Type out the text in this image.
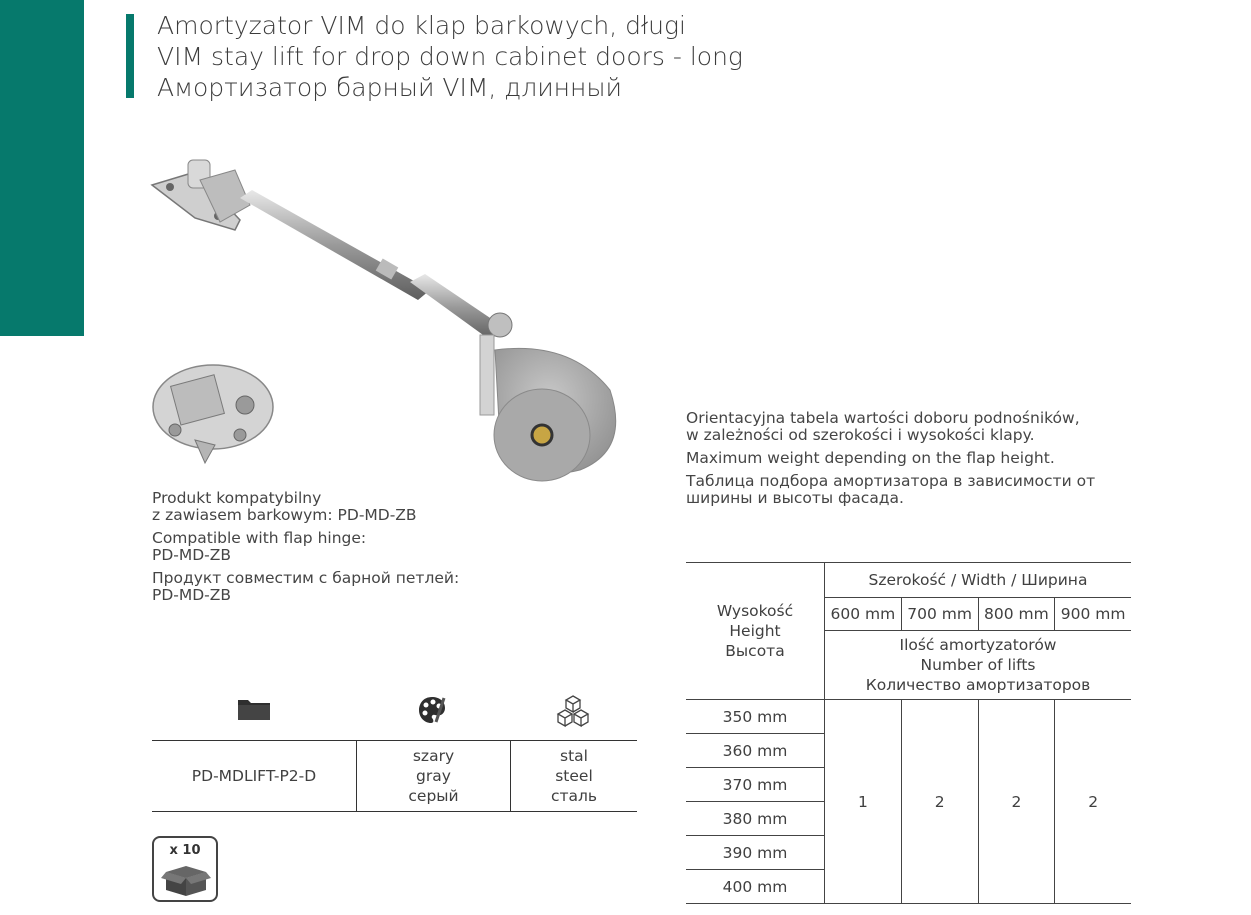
Amortyzator VIM do klap barkowych, długi
VIM stay lift for drop down cabinet doors - long
Амортизатор барный VIM, длинный

Produkt kompatybilny
z zawiasem barkowym: PD-MD-ZB

Compatible with flap hinge:
PD-MD-ZB

Продукт совместим с барной петлей:
PD-MD-ZB

PD-MDLIFT-P2-D	
szary
gray
серый

stal
steel
сталь
x 10

Orientacyjna tabela wartości doboru podnośników,
w zależności od szerokości i wysokości klapy.

Maximum weight depending on the flap height.

Таблица подбора амортизатора в зависимости от
ширины и высоты фасада.

Wysokość
Height
Высота	Szerokość / Width / Ширина			
	600 mm	700 mm	800 mm	900 mm
	Ilość amortyzatorów
Number of lifts
Количество амортизаторов			
350 mm	1	2	2	2
360 mm				
370 mm				
380 mm				
390 mm				
400 mm				
